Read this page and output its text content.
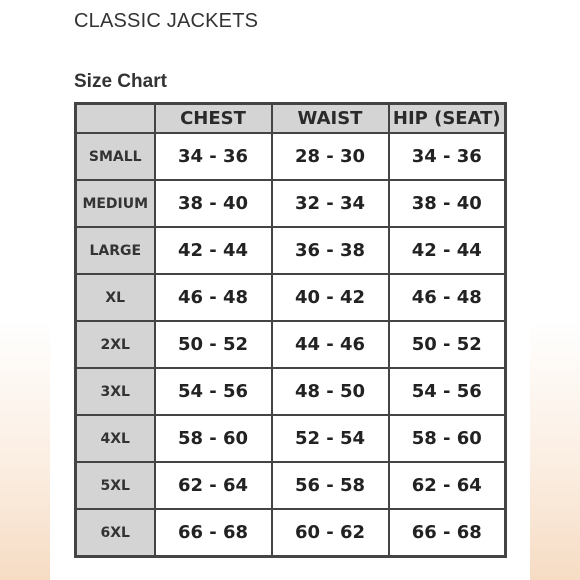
CLASSIC JACKETS
Size Chart
	CHEST	WAIST	HIP (SEAT)
SMALL	34 - 36	28 - 30	34 - 36
MEDIUM	38 - 40	32 - 34	38 - 40
LARGE	42 - 44	36 - 38	42 - 44
XL	46 - 48	40 - 42	46 - 48
2XL	50 - 52	44 - 46	50 - 52
3XL	54 - 56	48 - 50	54 - 56
4XL	58 - 60	52 - 54	58 - 60
5XL	62 - 64	56 - 58	62 - 64
6XL	66 - 68	60 - 62	66 - 68
